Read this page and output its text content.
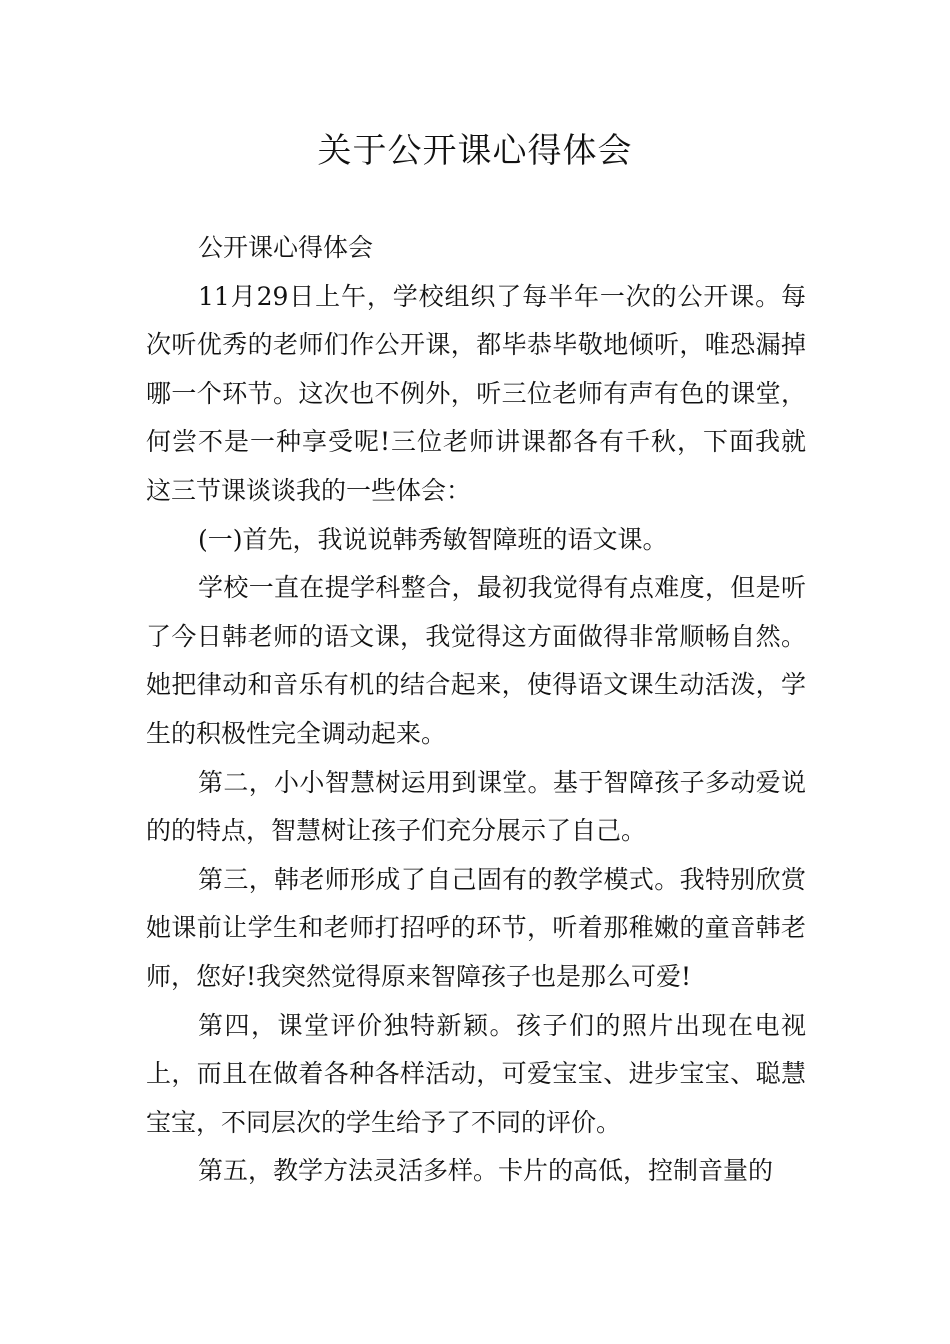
关于公开课心得体会

公开课心得体会

11月29日上午，学校组织了每半年一次的公开课。每次听优秀的老师们作公开课，都毕恭毕敬地倾听，唯恐漏掉哪一个环节。这次也不例外，听三位老师有声有色的课堂，何尝不是一种享受呢!三位老师讲课都各有千秋，下面我就这三节课谈谈我的一些体会：

(一)首先，我说说韩秀敏智障班的语文课。

学校一直在提学科整合，最初我觉得有点难度，但是听了今日韩老师的语文课，我觉得这方面做得非常顺畅自然。她把律动和音乐有机的结合起来，使得语文课生动活泼，学生的积极性完全调动起来。

第二，小小智慧树运用到课堂。基于智障孩子多动爱说的的特点，智慧树让孩子们充分展示了自己。

第三，韩老师形成了自己固有的教学模式。我特别欣赏她课前让学生和老师打招呼的环节，听着那稚嫩的童音韩老师，您好!我突然觉得原来智障孩子也是那么可爱!

第四，课堂评价独特新颖。孩子们的照片出现在电视上，而且在做着各种各样活动，可爱宝宝、进步宝宝、聪慧宝宝，不同层次的学生给予了不同的评价。

第五，教学方法灵活多样。卡片的高低，控制音量的
